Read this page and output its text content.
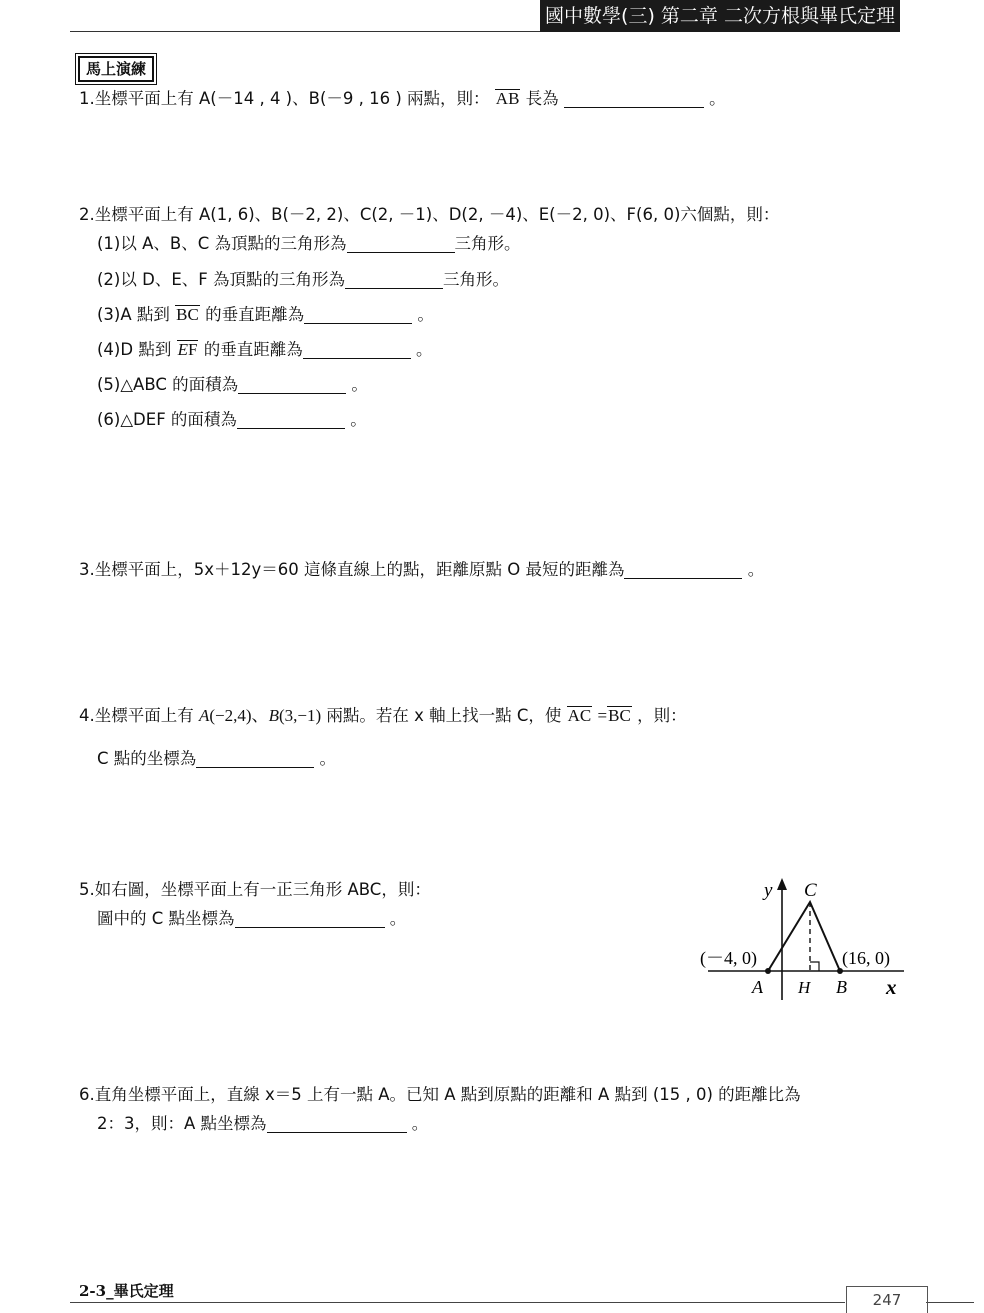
國中數學(三) 第二章 二次方根與畢氏定理
馬上演練
1.坐標平面上有 A(－14 , 4 )、B(－9 , 16 ) 兩點，則： AB 長為	。
2.坐標平面上有 A(1, 6)、B(－2, 2)、C(2, －1)、D(2, －4)、E(－2, 0)、F(6, 0)六個點，則：
(1)以 A、B、C 為頂點的三角形為	三角形。
(2)以 D、E、F 為頂點的三角形為	三角形。
(3)A 點到 BC 的垂直距離為	。
(4)D 點到 EF 的垂直距離為	。
(5)△ABC 的面積為	。
(6)△DEF 的面積為	。
3.坐標平面上，5x＋12y＝60 這條直線上的點，距離原點 O 最短的距離為	。
4.坐標平面上有 A(−2,4)、B(3,−1) 兩點。若在 x 軸上找一點 C，使 AC =BC ，則：
C 點的坐標為	。
5.如右圖，坐標平面上有一正三角形 ABC，則：
圖中的 C 點坐標為	。
y C
(－4, 0)	(16, 0)
A H B x
6.直角坐標平面上，直線 x＝5 上有一點 A。已知 A 點到原點的距離和 A 點到 (15 , 0) 的距離比為
2：3，則：A 點坐標為	。
2-3_畢氏定理	247
